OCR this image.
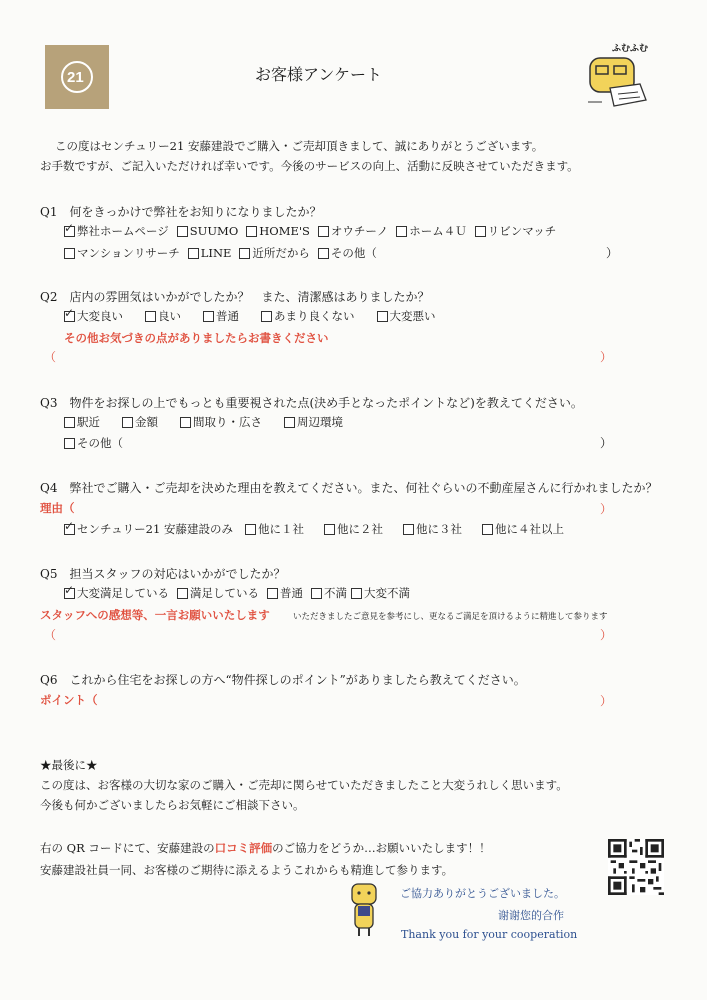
21	お客様アンケート
ふむふむ
この度はセンチュリー21 安藤建設でご購入・ご売却頂きまして、誠にありがとうございます。
お手数ですが、ご記入いただければ幸いです。今後のサービスの向上、活動に反映させていただきます。
Q1　何をきっかけで弊社をお知りになりましたか？
✓
弊社ホームページ SUUMO HOME'S オウチーノ ホーム４Ｕ リビンマッチ
マンションリサーチ LINE 近所だから その他（	）
Q2　店内の雰囲気はいかがでしたか？　また、清潔感はありましたか？
✓
大変良い	良い	普通	あまり良くない	大変悪い
その他お気づきの点がありましたらお書きください
（	）
Q3　物件をお探しの上でもっとも重要視された点(決め手となったポイントなど)を教えてください。
駅近	金額	間取り・広さ	周辺環境
その他（	）
Q4　弊社でご購入・ご売却を決めた理由を教えてください。また、何社ぐらいの不動産屋さんに行かれましたか？
理由（	）
✓
センチュリー21 安藤建設のみ 他に１社	他に２社	他に３社	他に４社以上
Q5　担当スタッフの対応はいかがでしたか？
✓
大変満足している 満足している 普通 不満 大変不満
スタッフへの感想等、一言お願いいたします	いただきましたご意見を参考にし、更なるご満足を頂けるように精進して参ります
（	）
Q6　これから住宅をお探しの方へ“物件探しのポイント”がありましたら教えてください。
ポイント（	）
★最後に★
この度は、お客様の大切な家のご購入・ご売却に関らせていただきましたこと大変うれしく思います。
今後も何かございましたらお気軽にご相談下さい。
右の QR コードにて、安藤建設の口コミ評価のご協力をどうか…お願いいたします！！
安藤建設社員一同、お客様のご期待に添えるようこれからも精進して参ります。
ご協力ありがとうございました。
谢谢您的合作
Thank you for your cooperation
